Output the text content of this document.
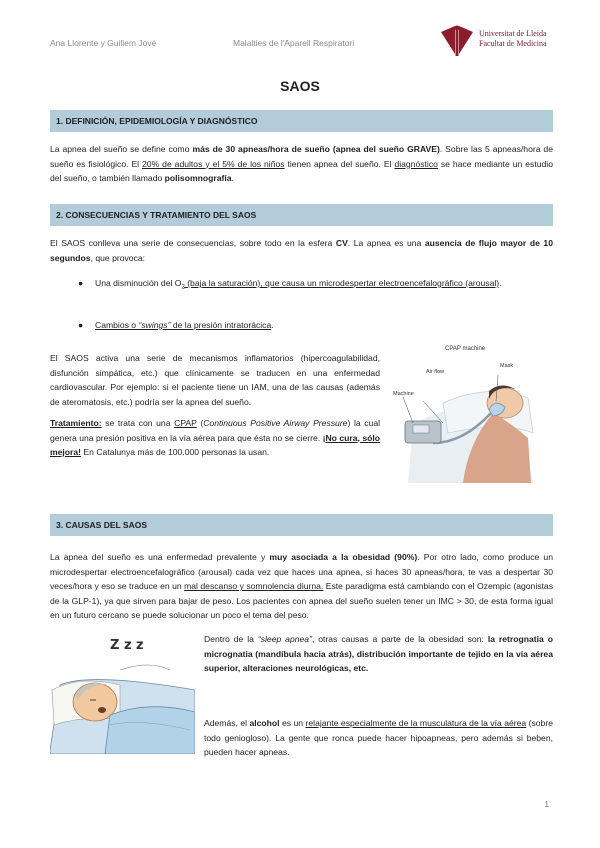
Ana Llorente y Guillem Jové	Malalties de l'Aparell Respiratori
Universitat de Lleida
Facultat de Medicina
SAOS
1. DEFINICIÓN, EPIDEMIOLOGÍA Y DIAGNÓSTICO
La apnea del sueño se define como más de 30 apneas/hora de sueño (apnea del sueño GRAVE). Sobre las 5 apneas/hora de sueño es fisiológico. El 20% de adultos y el 5% de los niños tienen apnea del sueño. El diagnóstico se hace mediante un estudio del sueño, o también llamado polisomnografía.
2. CONSECUENCIAS Y TRATAMIENTO DEL SAOS
El SAOS conlleva una serie de consecuencias, sobre todo en la esfera CV. La apnea es una ausencia de flujo mayor de 10 segundos, que provoca:
● Una disminución del $O_2$ (baja la saturación), que causa un microdespertar electroencefalográfico (arousal).
● Cambios o “swings” de la presión intratorácica.
El SAOS activa una serie de mecanismos inflamatorios (hipercoagulabilidad, disfunción simpática, etc.) que clínicamente se traducen en una enfermedad cardiovascular. Por ejemplo: si el paciente tiene un IAM, una de las causas (además de ateromatosis, etc.) podría ser la apnea del sueño.
Tratamiento: se trata con una CPAP (Continuous Positive Airway Pressure) la cual genera una presión positiva en la vía aérea para que ésta no se cierre. ¡No cura, sólo mejora! En Catalunya más de 100.000 personas la usan.
CPAP machine
Mask
Air flow
Machine
3. CAUSAS DEL SAOS
La apnea del sueño es una enfermedad prevalente y muy asociada a la obesidad (90%). Por otro lado, como produce un microdespertar electroencefalográfico (arousal) cada vez que haces una apnea, si haces 30 apneas/hora, te vas a despertar 30 veces/hora y eso se traduce en un mal descanso y somnolencia diurna. Este paradigma está cambiando con el Ozempic (agonistas de la GLP-1), ya que sirven para bajar de peso. Los pacientes con apnea del sueño suelen tener un IMC > 30, de esta forma igual en un futuro cercano se puede solucionar un poco el tema del peso.
Z z z	Dentro de la “sleep apnea”, otras causas a parte de la obesidad son: la retrognatia o micrognatia (mandíbula hacia atrás), distribución importante de tejido en la vía aérea superior, alteraciones neurológicas, etc.
Además, el alcohol es un relajante especialmente de la musculatura de la vía aérea (sobre todo geniogloso). La gente que ronca puede hacer hipoapneas, pero además si beben, pueden hacer apneas.
1
